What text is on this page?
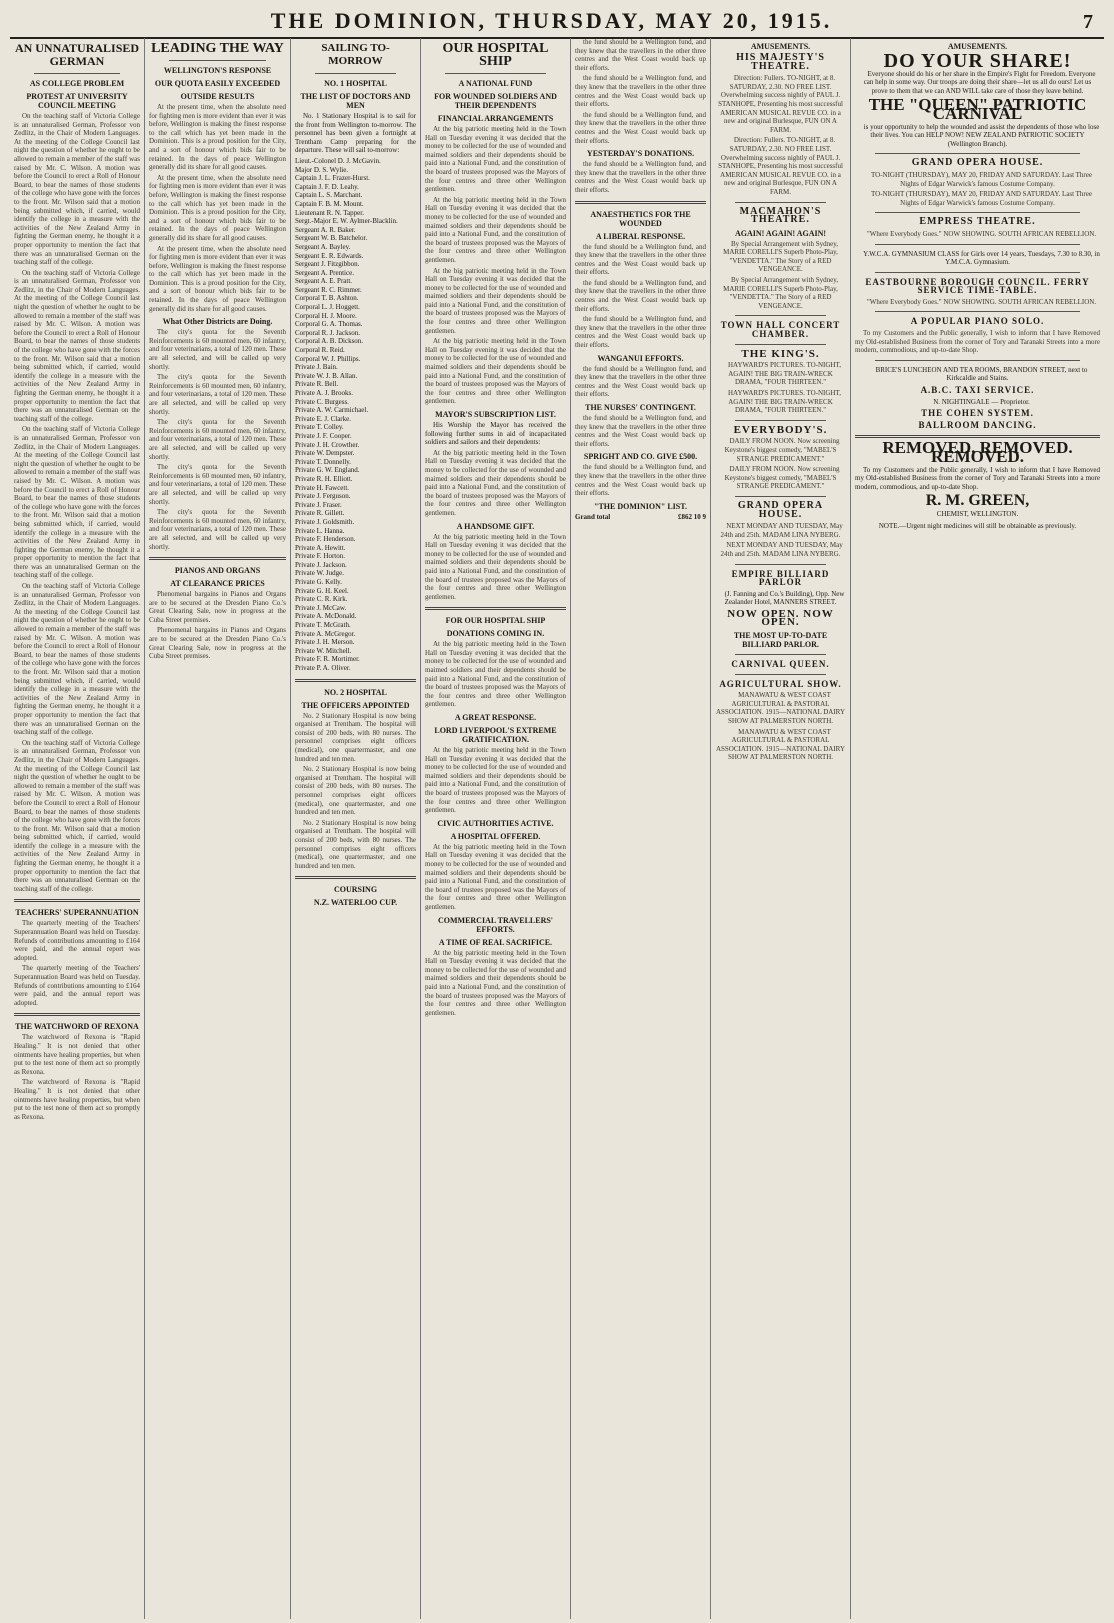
THE DOMINION, THURSDAY, MAY 20, 1915.	7
AN UNNATURALISED GERMAN
AS COLLEGE PROBLEM
PROTEST AT UNIVERSITY COUNCIL MEETING
On the teaching staff of Victoria College is an unnaturalised German, Professor von Zedlitz, in the Chair of Modern Languages. At the meeting of the College Council last night the question of whether he ought to be allowed to remain a member of the staff was raised by Mr. C. Wilson. A motion was before the Council to erect a Roll of Honour Board, to bear the names of those students of the college who have gone with the forces to the front. Mr. Wilson said that a motion being submitted which, if carried, would identify the college in a measure with the activities of the New Zealand Army in fighting the German enemy, he thought it a proper opportunity to mention the fact that there was an unnaturalised German on the teaching staff of the college.
On the teaching staff of Victoria College is an unnaturalised German, Professor von Zedlitz, in the Chair of Modern Languages. At the meeting of the College Council last night the question of whether he ought to be allowed to remain a member of the staff was raised by Mr. C. Wilson. A motion was before the Council to erect a Roll of Honour Board, to bear the names of those students of the college who have gone with the forces to the front. Mr. Wilson said that a motion being submitted which, if carried, would identify the college in a measure with the activities of the New Zealand Army in fighting the German enemy, he thought it a proper opportunity to mention the fact that there was an unnaturalised German on the teaching staff of the college.
On the teaching staff of Victoria College is an unnaturalised German, Professor von Zedlitz, in the Chair of Modern Languages. At the meeting of the College Council last night the question of whether he ought to be allowed to remain a member of the staff was raised by Mr. C. Wilson. A motion was before the Council to erect a Roll of Honour Board, to bear the names of those students of the college who have gone with the forces to the front. Mr. Wilson said that a motion being submitted which, if carried, would identify the college in a measure with the activities of the New Zealand Army in fighting the German enemy, he thought it a proper opportunity to mention the fact that there was an unnaturalised German on the teaching staff of the college.
On the teaching staff of Victoria College is an unnaturalised German, Professor von Zedlitz, in the Chair of Modern Languages. At the meeting of the College Council last night the question of whether he ought to be allowed to remain a member of the staff was raised by Mr. C. Wilson. A motion was before the Council to erect a Roll of Honour Board, to bear the names of those students of the college who have gone with the forces to the front. Mr. Wilson said that a motion being submitted which, if carried, would identify the college in a measure with the activities of the New Zealand Army in fighting the German enemy, he thought it a proper opportunity to mention the fact that there was an unnaturalised German on the teaching staff of the college.
On the teaching staff of Victoria College is an unnaturalised German, Professor von Zedlitz, in the Chair of Modern Languages. At the meeting of the College Council last night the question of whether he ought to be allowed to remain a member of the staff was raised by Mr. C. Wilson. A motion was before the Council to erect a Roll of Honour Board, to bear the names of those students of the college who have gone with the forces to the front. Mr. Wilson said that a motion being submitted which, if carried, would identify the college in a measure with the activities of the New Zealand Army in fighting the German enemy, he thought it a proper opportunity to mention the fact that there was an unnaturalised German on the teaching staff of the college.
TEACHERS' SUPERANNUATION
The quarterly meeting of the Teachers' Superannuation Board was held on Tuesday. Refunds of contributions amounting to £164 were paid, and the annual report was adopted.
The quarterly meeting of the Teachers' Superannuation Board was held on Tuesday. Refunds of contributions amounting to £164 were paid, and the annual report was adopted.
THE WATCHWORD OF REXONA
The watchword of Rexona is "Rapid Healing." It is not denied that other ointments have healing properties, but when put to the test none of them act so promptly as Rexona.
The watchword of Rexona is "Rapid Healing." It is not denied that other ointments have healing properties, but when put to the test none of them act so promptly as Rexona.
LEADING THE WAY
WELLINGTON'S RESPONSE
OUR QUOTA EASILY EXCEEDED
OUTSIDE RESULTS
At the present time, when the absolute need for fighting men is more evident than ever it was before, Wellington is making the finest response to the call which has yet been made in the Dominion. This is a proud position for the City, and a sort of honour which bids fair to be retained. In the days of peace Wellington generally did its share for all good causes.
At the present time, when the absolute need for fighting men is more evident than ever it was before, Wellington is making the finest response to the call which has yet been made in the Dominion. This is a proud position for the City, and a sort of honour which bids fair to be retained. In the days of peace Wellington generally did its share for all good causes.
At the present time, when the absolute need for fighting men is more evident than ever it was before, Wellington is making the finest response to the call which has yet been made in the Dominion. This is a proud position for the City, and a sort of honour which bids fair to be retained. In the days of peace Wellington generally did its share for all good causes.
What Other Districts are Doing.
The city's quota for the Seventh Reinforcements is 60 mounted men, 60 infantry, and four veterinarians, a total of 120 men. These are all selected, and will be called up very shortly.
The city's quota for the Seventh Reinforcements is 60 mounted men, 60 infantry, and four veterinarians, a total of 120 men. These are all selected, and will be called up very shortly.
The city's quota for the Seventh Reinforcements is 60 mounted men, 60 infantry, and four veterinarians, a total of 120 men. These are all selected, and will be called up very shortly.
The city's quota for the Seventh Reinforcements is 60 mounted men, 60 infantry, and four veterinarians, a total of 120 men. These are all selected, and will be called up very shortly.
The city's quota for the Seventh Reinforcements is 60 mounted men, 60 infantry, and four veterinarians, a total of 120 men. These are all selected, and will be called up very shortly.
PIANOS AND ORGANS
AT CLEARANCE PRICES
Phenomenal bargains in Pianos and Organs are to be secured at the Dresden Piano Co.'s Great Clearing Sale, now in progress at the Cuba Street premises.
Phenomenal bargains in Pianos and Organs are to be secured at the Dresden Piano Co.'s Great Clearing Sale, now in progress at the Cuba Street premises.
SAILING TO-MORROW
NO. 1 HOSPITAL
THE LIST OF DOCTORS AND MEN
No. 1 Stationary Hospital is to sail for the front from Wellington to-morrow. The personnel has been given a fortnight at Trentham Camp preparing for the departure. These will sail to-morrow:
Lieut.-Colonel D. J. McGavin.
Major D. S. Wylie.
Captain J. L. Frazer-Hurst.
Captain J. F. D. Leahy.
Captain L. S. Marchant.
Captain F. B. M. Mount.
Lieutenant R. N. Tapper.
Sergt.-Major E. W. Aylmer-Blacklin.
Sergeant A. R. Baker.
Sergeant W. B. Batchelor.
Sergeant A. Bayley.
Sergeant E. R. Edwards.
Sergeant J. Fitzgibbon.
Sergeant A. Prentice.
Sergeant A. E. Pratt.
Sergeant R. C. Rimmer.
Corporal T. B. Ashton.
Corporal L. J. Hoggett.
Corporal H. J. Moore.
Corporal G. A. Thomas.
Corporal R. J. Jackson.
Corporal A. B. Dickson.
Corporal R. Reid.
Corporal W. J. Phillips.
Private J. Bain.
Private W. J. B. Allan.
Private R. Bell.
Private A. J. Brooks.
Private C. Burgess.
Private A. W. Carmichael.
Private E. J. Clarke.
Private T. Colley.
Private J. F. Cooper.
Private J. H. Crowther.
Private W. Dempster.
Private T. Donnelly.
Private G. W. England.
Private R. H. Elliott.
Private H. Fawcett.
Private J. Ferguson.
Private J. Fraser.
Private R. Gillett.
Private J. Goldsmith.
Private L. Hanna.
Private F. Henderson.
Private A. Hewitt.
Private F. Horton.
Private J. Jackson.
Private W. Judge.
Private G. Kelly.
Private G. H. Keel.
Private C. R. Kirk.
Private J. McCaw.
Private A. McDonald.
Private T. McGrath.
Private A. McGregor.
Private J. H. Merson.
Private W. Mitchell.
Private F. R. Mortimer.
Private P. A. Oliver.
NO. 2 HOSPITAL
THE OFFICERS APPOINTED
No. 2 Stationary Hospital is now being organised at Trentham. The hospital will consist of 200 beds, with 80 nurses. The personnel comprises eight officers (medical), one quartermaster, and one hundred and ten men.
No. 2 Stationary Hospital is now being organised at Trentham. The hospital will consist of 200 beds, with 80 nurses. The personnel comprises eight officers (medical), one quartermaster, and one hundred and ten men.
No. 2 Stationary Hospital is now being organised at Trentham. The hospital will consist of 200 beds, with 80 nurses. The personnel comprises eight officers (medical), one quartermaster, and one hundred and ten men.
COURSING
N.Z. WATERLOO CUP.
OUR HOSPITAL SHIP
A NATIONAL FUND
FOR WOUNDED SOLDIERS AND THEIR DEPENDENTS
FINANCIAL ARRANGEMENTS
At the big patriotic meeting held in the Town Hall on Tuesday evening it was decided that the money to be collected for the use of wounded and maimed soldiers and their dependents should be paid into a National Fund, and the constitution of the board of trustees proposed was the Mayors of the four centres and three other Wellington gentlemen.
At the big patriotic meeting held in the Town Hall on Tuesday evening it was decided that the money to be collected for the use of wounded and maimed soldiers and their dependents should be paid into a National Fund, and the constitution of the board of trustees proposed was the Mayors of the four centres and three other Wellington gentlemen.
At the big patriotic meeting held in the Town Hall on Tuesday evening it was decided that the money to be collected for the use of wounded and maimed soldiers and their dependents should be paid into a National Fund, and the constitution of the board of trustees proposed was the Mayors of the four centres and three other Wellington gentlemen.
At the big patriotic meeting held in the Town Hall on Tuesday evening it was decided that the money to be collected for the use of wounded and maimed soldiers and their dependents should be paid into a National Fund, and the constitution of the board of trustees proposed was the Mayors of the four centres and three other Wellington gentlemen.
MAYOR'S SUBSCRIPTION LIST.
His Worship the Mayor has received the following further sums in aid of incapacitated soldiers and sailors and their dependents:
At the big patriotic meeting held in the Town Hall on Tuesday evening it was decided that the money to be collected for the use of wounded and maimed soldiers and their dependents should be paid into a National Fund, and the constitution of the board of trustees proposed was the Mayors of the four centres and three other Wellington gentlemen.
A HANDSOME GIFT.
At the big patriotic meeting held in the Town Hall on Tuesday evening it was decided that the money to be collected for the use of wounded and maimed soldiers and their dependents should be paid into a National Fund, and the constitution of the board of trustees proposed was the Mayors of the four centres and three other Wellington gentlemen.
FOR OUR HOSPITAL SHIP
DONATIONS COMING IN.
At the big patriotic meeting held in the Town Hall on Tuesday evening it was decided that the money to be collected for the use of wounded and maimed soldiers and their dependents should be paid into a National Fund, and the constitution of the board of trustees proposed was the Mayors of the four centres and three other Wellington gentlemen.
A GREAT RESPONSE.
LORD LIVERPOOL'S EXTREME GRATIFICATION.
At the big patriotic meeting held in the Town Hall on Tuesday evening it was decided that the money to be collected for the use of wounded and maimed soldiers and their dependents should be paid into a National Fund, and the constitution of the board of trustees proposed was the Mayors of the four centres and three other Wellington gentlemen.
CIVIC AUTHORITIES ACTIVE.
A HOSPITAL OFFERED.
At the big patriotic meeting held in the Town Hall on Tuesday evening it was decided that the money to be collected for the use of wounded and maimed soldiers and their dependents should be paid into a National Fund, and the constitution of the board of trustees proposed was the Mayors of the four centres and three other Wellington gentlemen.
COMMERCIAL TRAVELLERS' EFFORTS.
A TIME OF REAL SACRIFICE.
At the big patriotic meeting held in the Town Hall on Tuesday evening it was decided that the money to be collected for the use of wounded and maimed soldiers and their dependents should be paid into a National Fund, and the constitution of the board of trustees proposed was the Mayors of the four centres and three other Wellington gentlemen.
the fund should be a Wellington fund, and they knew that the travellers in the other three centres and the West Coast would back up their efforts.
the fund should be a Wellington fund, and they knew that the travellers in the other three centres and the West Coast would back up their efforts.
the fund should be a Wellington fund, and they knew that the travellers in the other three centres and the West Coast would back up their efforts.
YESTERDAY'S DONATIONS.
the fund should be a Wellington fund, and they knew that the travellers in the other three centres and the West Coast would back up their efforts.
ANAESTHETICS FOR THE WOUNDED
A LIBERAL RESPONSE.
the fund should be a Wellington fund, and they knew that the travellers in the other three centres and the West Coast would back up their efforts.
the fund should be a Wellington fund, and they knew that the travellers in the other three centres and the West Coast would back up their efforts.
the fund should be a Wellington fund, and they knew that the travellers in the other three centres and the West Coast would back up their efforts.
WANGANUI EFFORTS.
the fund should be a Wellington fund, and they knew that the travellers in the other three centres and the West Coast would back up their efforts.
THE NURSES' CONTINGENT.
the fund should be a Wellington fund, and they knew that the travellers in the other three centres and the West Coast would back up their efforts.
SPRIGHT AND CO. GIVE £500.
the fund should be a Wellington fund, and they knew that the travellers in the other three centres and the West Coast would back up their efforts.
"THE DOMINION" LIST.
Grand total	£862 10 9
AMUSEMENTS.
HIS MAJESTY'S THEATRE.
Direction: Fullers. TO-NIGHT, at 8. SATURDAY, 2.30. NO FREE LIST. Overwhelming success nightly of PAUL J. STANHOPE, Presenting his most successful AMERICAN MUSICAL REVUE CO. in a new and original Burlesque, FUN ON A FARM.
Direction: Fullers. TO-NIGHT, at 8. SATURDAY, 2.30. NO FREE LIST. Overwhelming success nightly of PAUL J. STANHOPE, Presenting his most successful AMERICAN MUSICAL REVUE CO. in a new and original Burlesque, FUN ON A FARM.
MACMAHON'S THEATRE.
AGAIN! AGAIN! AGAIN!
By Special Arrangement with Sydney, MARIE CORELLI'S Superb Photo-Play, "VENDETTA." The Story of a RED VENGEANCE.
By Special Arrangement with Sydney, MARIE CORELLI'S Superb Photo-Play, "VENDETTA." The Story of a RED VENGEANCE.
TOWN HALL CONCERT CHAMBER.
THE KING'S.
HAYWARD'S PICTURES. TO-NIGHT, AGAIN! THE BIG TRAIN-WRECK DRAMA, "FOUR THIRTEEN."
HAYWARD'S PICTURES. TO-NIGHT, AGAIN! THE BIG TRAIN-WRECK DRAMA, "FOUR THIRTEEN."
EVERYBODY'S.
DAILY FROM NOON. Now screening Keystone's biggest comedy, "MABEL'S STRANGE PREDICAMENT."
DAILY FROM NOON. Now screening Keystone's biggest comedy, "MABEL'S STRANGE PREDICAMENT."
GRAND OPERA HOUSE.
NEXT MONDAY AND TUESDAY, May 24th and 25th. MADAM LINA NYBERG.
NEXT MONDAY AND TUESDAY, May 24th and 25th. MADAM LINA NYBERG.
EMPIRE BILLIARD PARLOR
(J. Fanning and Co.'s Building), Opp. New Zealander Hotel, MANNERS STREET.
NOW OPEN. NOW OPEN.
THE MOST UP-TO-DATE BILLIARD PARLOR.
CARNIVAL QUEEN.
AGRICULTURAL SHOW.
MANAWATU & WEST COAST AGRICULTURAL & PASTORAL ASSOCIATION. 1915—NATIONAL DAIRY SHOW AT PALMERSTON NORTH.
MANAWATU & WEST COAST AGRICULTURAL & PASTORAL ASSOCIATION. 1915—NATIONAL DAIRY SHOW AT PALMERSTON NORTH.
AMUSEMENTS.
DO YOUR SHARE!
Everyone should do his or her share in the Empire's Fight for Freedom. Everyone can help in some way. Our troops are doing their share—let us all do ours! Let us prove to them that we can AND WILL take care of those they leave behind.
THE "QUEEN" PATRIOTIC CARNIVAL
is your opportunity to help the wounded and assist the dependents of those who lose their lives. You can HELP NOW! NEW ZEALAND PATRIOTIC SOCIETY (Wellington Branch).
GRAND OPERA HOUSE.
TO-NIGHT (THURSDAY), MAY 20, FRIDAY AND SATURDAY. Last Three Nights of Edgar Warwick's famous Costume Company.
TO-NIGHT (THURSDAY), MAY 20, FRIDAY AND SATURDAY. Last Three Nights of Edgar Warwick's famous Costume Company.
EMPRESS THEATRE.
"Where Everybody Goes." NOW SHOWING. SOUTH AFRICAN REBELLION.
Y.W.C.A. GYMNASIUM CLASS for Girls over 14 years, Tuesdays, 7.30 to 8.30, in Y.M.C.A. Gymnasium.
EASTBOURNE BOROUGH COUNCIL. FERRY SERVICE TIME-TABLE.
"Where Everybody Goes." NOW SHOWING. SOUTH AFRICAN REBELLION.
A POPULAR PIANO SOLO.
To my Customers and the Public generally, I wish to inform that I have Removed my Old-established Business from the corner of Tory and Taranaki Streets into a more modern, commodious, and up-to-date Shop.
BRICE'S LUNCHEON AND TEA ROOMS, BRANDON STREET, next to Kirkcaldie and Stains.
A.B.C. TAXI SERVICE.
N. NIGHTINGALE — Proprietor.
THE COHEN SYSTEM.
BALLROOM DANCING.
REMOVED. REMOVED. REMOVED.
To my Customers and the Public generally, I wish to inform that I have Removed my Old-established Business from the corner of Tory and Taranaki Streets into a more modern, commodious, and up-to-date Shop.
R. M. GREEN,
CHEMIST, WELLINGTON.
NOTE.—Urgent night medicines will still be obtainable as previously.
